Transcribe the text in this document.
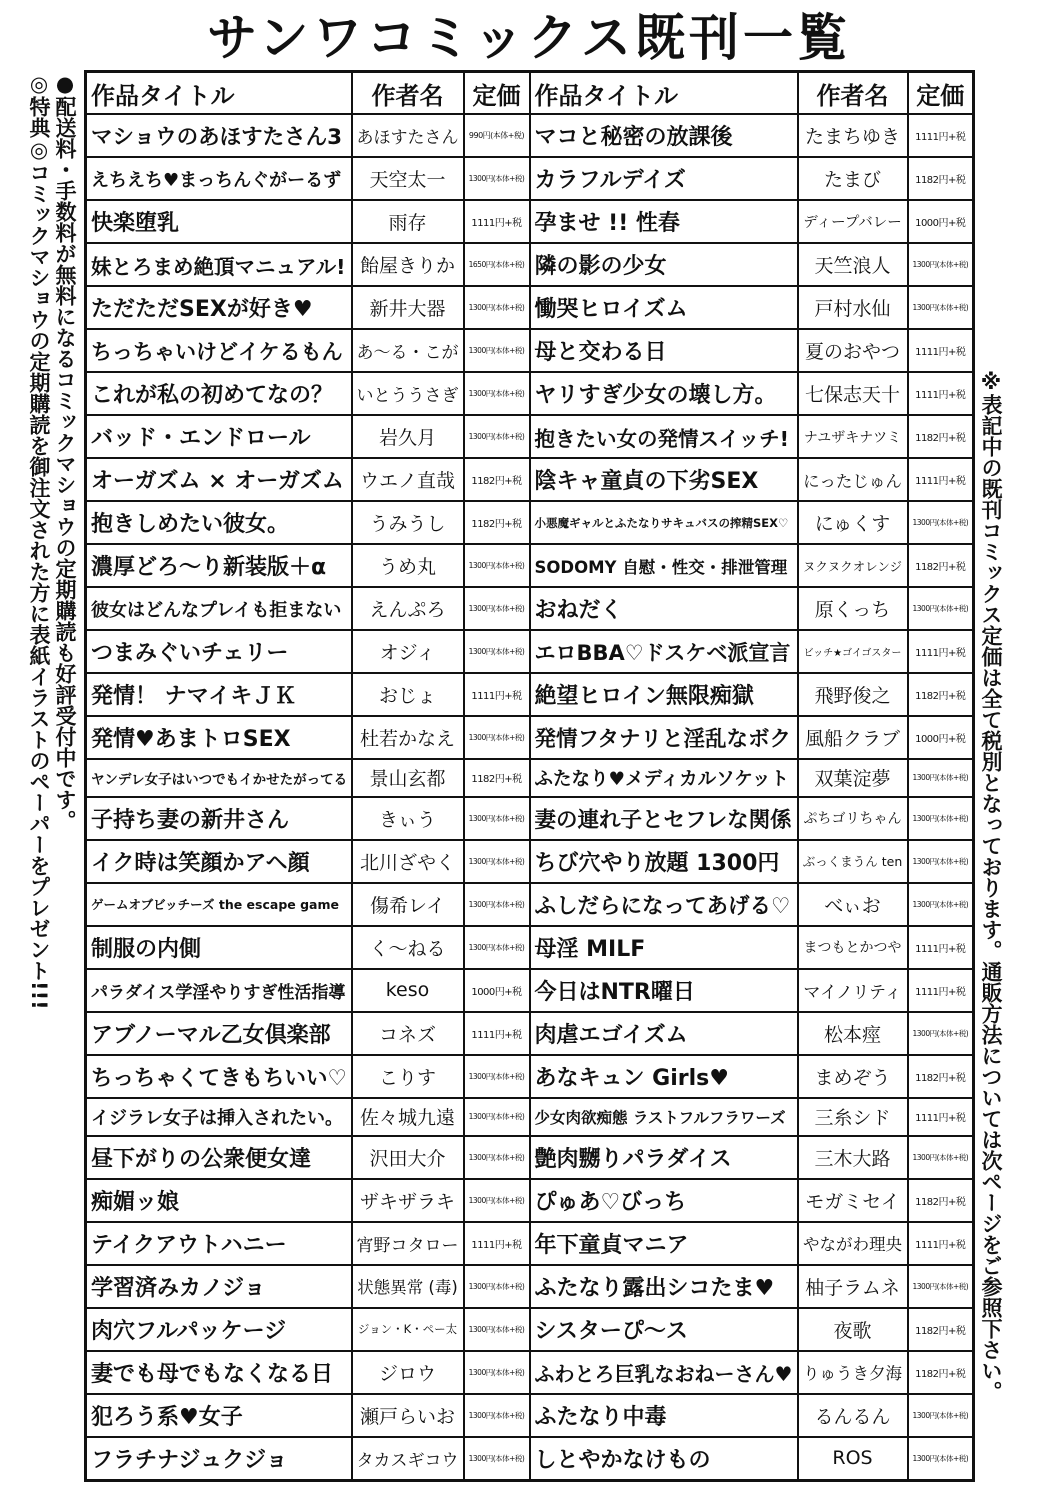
サンワコミックス既刊一覧
●配送料・手数料が無料になるコミックマショウの定期購読も好評受付中です。
◎特典◎コミックマショウの定期購読を御注文された方に表紙イラストのペーパーをプレゼント!!!	※表記中の既刊コミックス定価は全て税別となっております。通販方法については次ページをご参照下さい。
作品タイトル	作者名	定価	作品タイトル	作者名	定価
マショウのあほすたさん3	あほすたさん	990円(本体+税)	マコと秘密の放課後	たまちゆき	1111円+税
えちえち♥まっちんぐがーるず	天空太一	1300円(本体+税)	カラフルデイズ	たまび	1182円+税
快楽堕乳	雨存	1111円+税	孕ませ !! 性春	ディープバレー	1000円+税
妹とろまめ絶頂マニュアル!	飴屋きりか	1650円(本体+税)	隣の影の少女	天竺浪人	1300円(本体+税)
ただただSEXが好き♥	新井大器	1300円(本体+税)	慟哭ヒロイズム	戸村水仙	1300円(本体+税)
ちっちゃいけどイケるもん	あ〜る・こが	1300円(本体+税)	母と交わる日	夏のおやつ	1111円+税
これが私の初めてなの？	いとううさぎ	1300円(本体+税)	ヤリすぎ少女の壊し方。	七保志天十	1111円+税
バッド・エンドロール	岩久月	1300円(本体+税)	抱きたい女の発情スイッチ!	ナユザキナツミ	1182円+税
オーガズム × オーガズム	ウエノ直哉	1182円+税	陰キャ童貞の下劣SEX	にったじゅん	1111円+税
抱きしめたい彼女。	うみうし	1182円+税	小悪魔ギャルとふたなりサキュバスの搾精SEX♡	にゅくす	1300円(本体+税)
濃厚どろ〜り新装版＋α	うめ丸	1300円(本体+税)	SODOMY 自慰・性交・排泄管理	ヌクヌクオレンジ	1182円+税
彼女はどんなプレイも拒まない	えんぷろ	1300円(本体+税)	おねだく	原くっち	1300円(本体+税)
つまみぐいチェリー	オジィ	1300円(本体+税)	エロBBA♡ドスケベ派宣言	ビッチ★ゴイゴスター	1111円+税
発情！ ナマイキＪＫ	おじょ	1111円+税	絶望ヒロイン無限痴獄	飛野俊之	1182円+税
発情♥あまトロSEX	杜若かなえ	1300円(本体+税)	発情フタナリと淫乱なボク	風船クラブ	1000円+税
ヤンデレ女子はいつでもイかせたがってる	景山玄都	1182円+税	ふたなり♥メディカルソケット	双葉淀夢	1300円(本体+税)
子持ち妻の新井さん	きぃう	1300円(本体+税)	妻の連れ子とセフレな関係	ぷちゴリちゃん	1300円(本体+税)
イク時は笑顔かアヘ顔	北川ざやく	1300円(本体+税)	ちび穴やり放題 1300円	ぶっくまうん ten	1300円(本体+税)
ゲームオブビッチーズ the escape game	傷希レイ	1300円(本体+税)	ふしだらになってあげる♡	べぃお	1300円(本体+税)
制服の内側	く〜ねる	1300円(本体+税)	母淫 MILF	まつもとかつや	1111円+税
パラダイス学淫やりすぎ性活指導	keso	1000円+税	今日はNTR曜日	マイノリティ	1111円+税
アブノーマル乙女倶楽部	コネズ	1111円+税	肉虐エゴイズム	松本痙	1300円(本体+税)
ちっちゃくてきもちいい♡	こりす	1300円(本体+税)	あなキュン Girls♥	まめぞう	1182円+税
イジラレ女子は挿入されたい。	佐々城九遠	1300円(本体+税)	少女肉欲痴態 ラストフルフラワーズ	三糸シド	1111円+税
昼下がりの公衆便女達	沢田大介	1300円(本体+税)	艶肉嬲りパラダイス	三木大路	1300円(本体+税)
痴媚ッ娘	ザキザラキ	1300円(本体+税)	ぴゅあ♡びっち	モガミセイ	1182円+税
テイクアウトハニー	宵野コタロー	1111円+税	年下童貞マニア	やながわ理央	1111円+税
学習済みカノジョ	状態異常 (毒)	1300円(本体+税)	ふたなり露出シコたま♥	柚子ラムネ	1300円(本体+税)
肉穴フルパッケージ	ジョン・K・ペー太	1300円(本体+税)	シスターぴ〜ス	夜歌	1182円+税
妻でも母でもなくなる日	ジロウ	1300円(本体+税)	ふわとろ巨乳なおねーさん♥	りゅうき夕海	1182円+税
犯ろう系♥女子	瀬戸らいお	1300円(本体+税)	ふたなり中毒	るんるん	1300円(本体+税)
フラチナジュクジョ	タカスギコウ	1300円(本体+税)	しとやかなけもの	ROS	1300円(本体+税)
